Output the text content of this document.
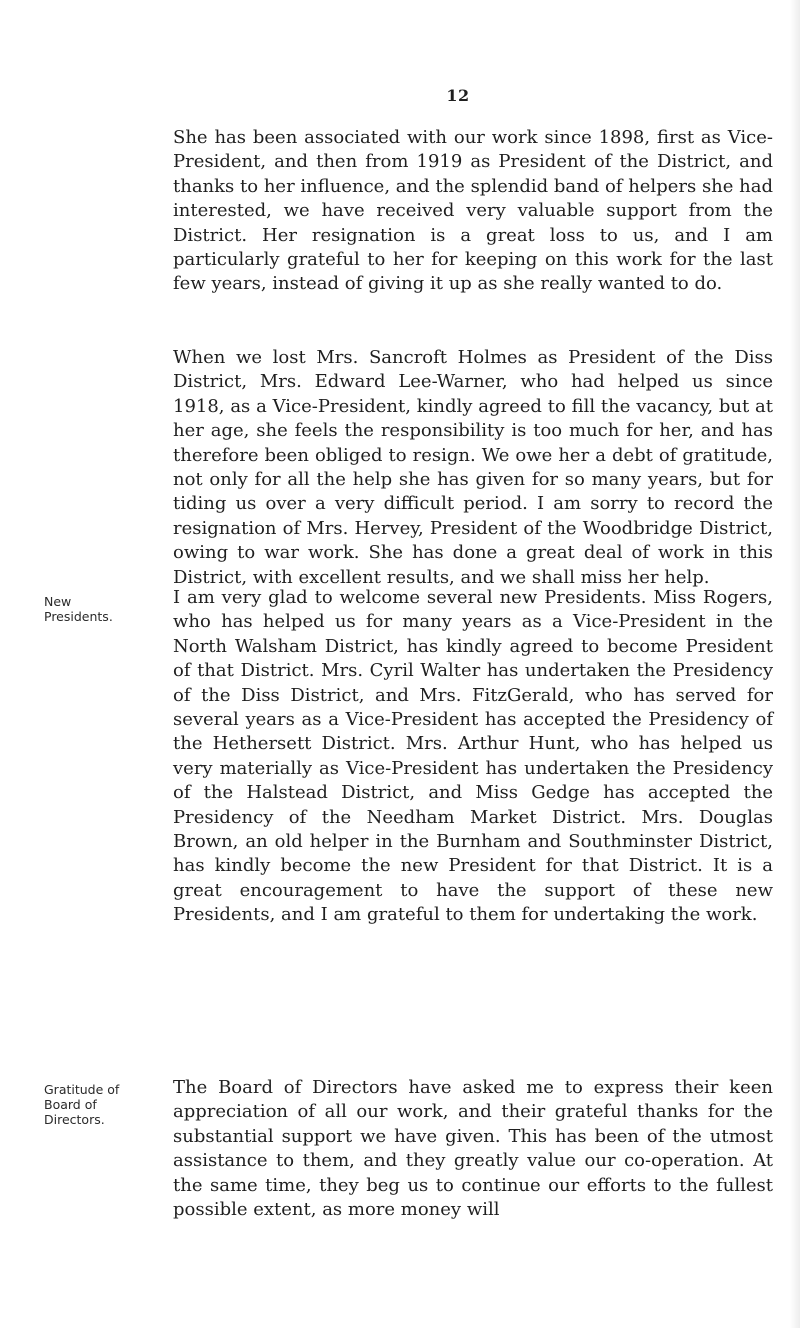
12

She has been associated with our work since 1898, first as Vice-President, and then from 1919 as President of the District, and thanks to her influence, and the splendid band of helpers she had interested, we have received very valuable support from the District. Her resignation is a great loss to us, and I am particularly grateful to her for keeping on this work for the last few years, instead of giving it up as she really wanted to do.

When we lost Mrs. Sancroft Holmes as President of the Diss District, Mrs. Edward Lee-Warner, who had helped us since 1918, as a Vice-President, kindly agreed to fill the vacancy, but at her age, she feels the responsibility is too much for her, and has therefore been obliged to resign. We owe her a debt of gratitude, not only for all the help she has given for so many years, but for tiding us over a very difficult period. I am sorry to record the resignation of Mrs. Hervey, President of the Woodbridge District, owing to war work. She has done a great deal of work in this District, with excellent results, and we shall miss her help.

New
Presidents.

I am very glad to welcome several new Presidents. Miss Rogers, who has helped us for many years as a Vice-President in the North Walsham District, has kindly agreed to become President of that District. Mrs. Cyril Walter has undertaken the Presidency of the Diss District, and Mrs. FitzGerald, who has served for several years as a Vice-President has accepted the Presidency of the Hethersett District. Mrs. Arthur Hunt, who has helped us very materially as Vice-President has undertaken the Presidency of the Halstead District, and Miss Gedge has accepted the Presidency of the Needham Market District. Mrs. Douglas Brown, an old helper in the Burnham and Southminster District, has kindly become the new President for that District. It is a great encouragement to have the support of these new Presidents, and I am grateful to them for undertaking the work.

Gratitude of
Board of
Directors.

The Board of Directors have asked me to express their keen appreciation of all our work, and their grateful thanks for the substantial support we have given. This has been of the utmost assistance to them, and they greatly value our co-operation. At the same time, they beg us to continue our efforts to the fullest possible extent, as more money will
